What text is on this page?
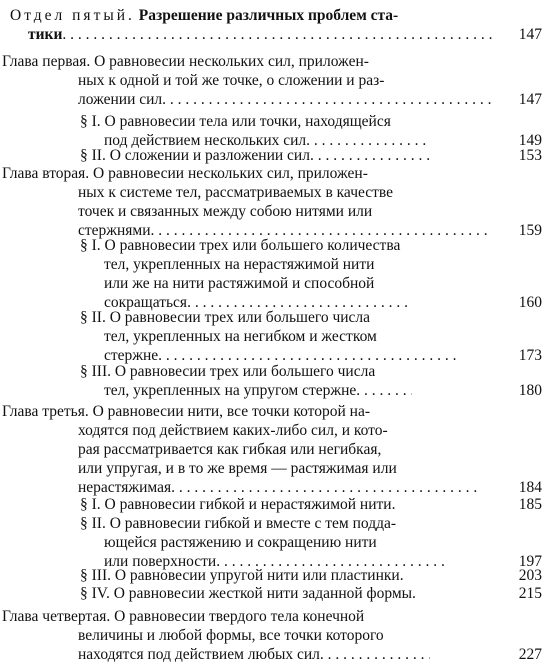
Отдел пятый. Разрешение различных проблем ста-
тики . . .	147
Глава первая. О равновесии нескольких сил, приложен-
ных к одной и той же точке, о сложении и раз-
ложении сил . . .	147
§ I. О равновесии тела или точки, находящейся
под действием нескольких сил . . .	149
§ II. О сложении и разложении сил . . .	153
Глава вторая. О равновесии нескольких сил, приложен-
ных к системе тел, рассматриваемых в качестве
точек и связанных между собою нитями или
стержнями . . .	159
§ I. О равновесии трех или большего количества
тел, укрепленных на нерастяжимой нити
или же на нити растяжимой и способной
сокращаться . . .	160
§ II. О равновесии трех или большего числа
тел, укрепленных на негибком и жестком
стержне . . .	173
§ III. О равновесии трех или большего числа
тел, укрепленных на упругом стержне . . .	180
Глава третья. О равновесии нити, все точки которой на-
ходятся под действием каких-либо сил, и кото-
рая рассматривается как гибкая или негибкая,
или упругая, и в то же время — растяжимая или
нерастяжимая . . .	184
§ I. О равновесии гибкой и нерастяжимой нити . . .	185
§ II. О равновесии гибкой и вместе с тем подда-
ющейся растяжению и сокращению нити
или поверхности . . .	197
§ III. О равновесии упругой нити или пластинки.	203
§ IV. О равновесии жесткой нити заданной формы.	215
Глава четвертая. О равновесии твердого тела конечной
величины и любой формы, все точки которого
находятся под действием любых сил . . .	227
